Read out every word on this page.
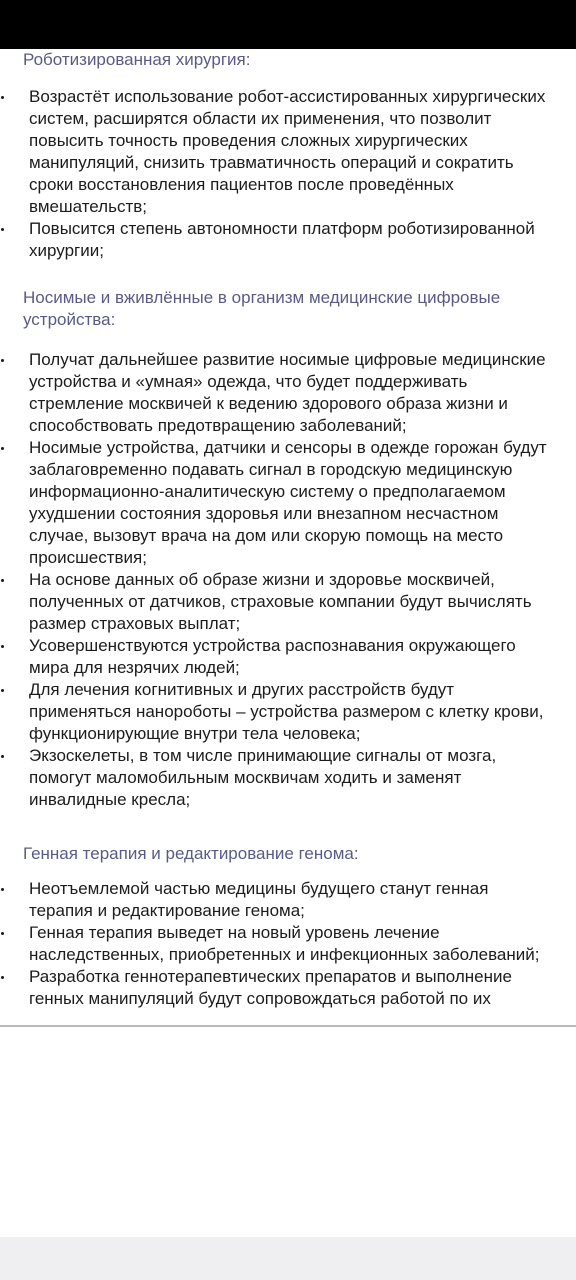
Роботизированная хирургия:
Возрастёт использование робот-ассистированных хирургических
систем, расширятся области их применения, что позволит
повысить точность проведения сложных хирургических
манипуляций, снизить травматичность операций и сократить
сроки восстановления пациентов после проведённых
вмешательств;
Повысится степень автономности платформ роботизированной
хирургии;
Носимые и вживлённые в организм медицинские цифровые
устройства:
Получат дальнейшее развитие носимые цифровые медицинские
устройства и «умная» одежда, что будет поддерживать
стремление москвичей к ведению здорового образа жизни и
способствовать предотвращению заболеваний;
Носимые устройства, датчики и сенсоры в одежде горожан будут
заблаговременно подавать сигнал в городскую медицинскую
информационно-аналитическую систему о предполагаемом
ухудшении состояния здоровья или внезапном несчастном
случае, вызовут врача на дом или скорую помощь на место
происшествия;
На основе данных об образе жизни и здоровье москвичей,
полученных от датчиков, страховые компании будут вычислять
размер страховых выплат;
Усовершенствуются устройства распознавания окружающего
мира для незрячих людей;
Для лечения когнитивных и других расстройств будут
применяться нанороботы – устройства размером с клетку крови,
функционирующие внутри тела человека;
Экзоскелеты, в том числе принимающие сигналы от мозга,
помогут маломобильным москвичам ходить и заменят
инвалидные кресла;
Генная терапия и редактирование генома:
Неотъемлемой частью медицины будущего станут генная
терапия и редактирование генома;
Генная терапия выведет на новый уровень лечение
наследственных, приобретенных и инфекционных заболеваний;
Разработка геннотерапевтических препаратов и выполнение
генных манипуляций будут сопровождаться работой по их
